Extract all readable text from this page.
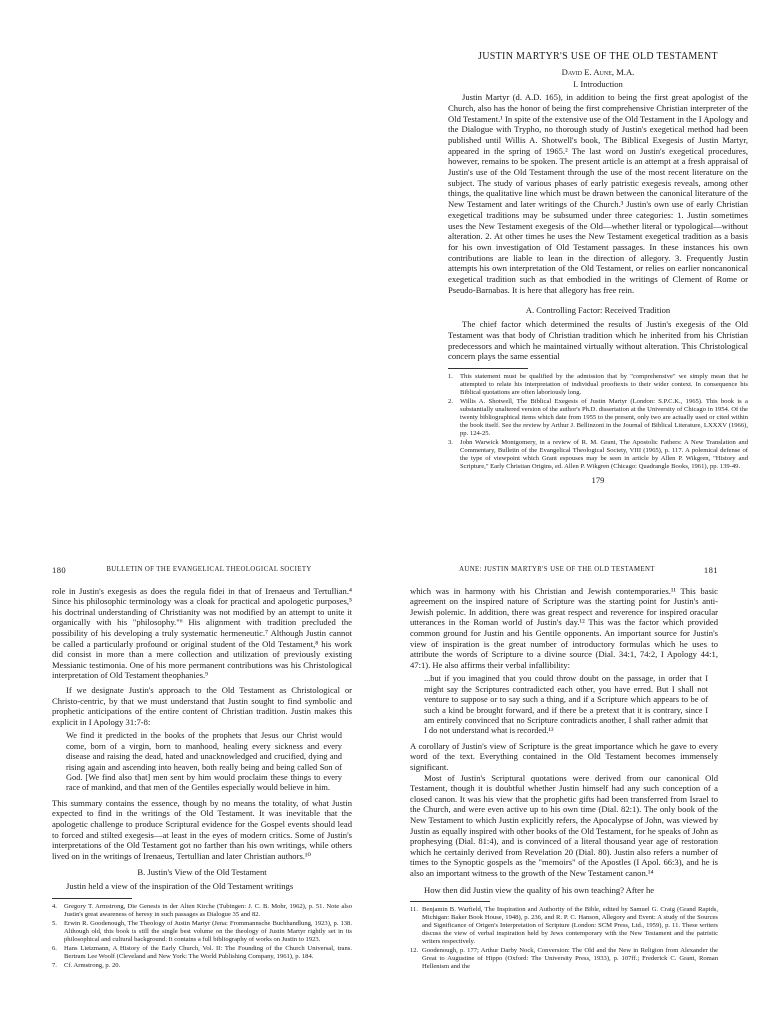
JUSTIN MARTYR'S USE OF THE OLD TESTAMENT
David E. Aune, M.A.
I. Introduction

Justin Martyr (d. A.D. 165), in addition to being the first great apologist of the Church, also has the honor of being the first comprehensive Christian interpreter of the Old Testament.¹ In spite of the extensive use of the Old Testament in the I Apology and the Dialogue with Trypho, no thorough study of Justin's exegetical method had been published until Willis A. Shotwell's book, The Biblical Exegesis of Justin Martyr, appeared in the spring of 1965.² The last word on Justin's exegetical procedures, however, remains to be spoken. The present article is an attempt at a fresh appraisal of Justin's use of the Old Testament through the use of the most recent literature on the subject. The study of various phases of early patristic exegesis reveals, among other things, the qualitative line which must be drawn between the canonical literature of the New Testament and later writings of the Church.³ Justin's own use of early Christian exegetical traditions may be subsumed under three categories: 1. Justin sometimes uses the New Testament exegesis of the Old—whether literal or typological—without alteration. 2. At other times he uses the New Testament exegetical tradition as a basis for his own investigation of Old Testament passages. In these instances his own contributions are liable to lean in the direction of allegory. 3. Frequently Justin attempts his own interpretation of the Old Testament, or relies on earlier noncanonical exegetical tradition such as that embodied in the writings of Clement of Rome or Pseudo-Barnabas. It is here that allegory has free rein.

A. Controlling Factor: Received Tradition

The chief factor which determined the results of Justin's exegesis of the Old Testament was that body of Christian tradition which he inherited from his Christian predecessors and which he maintained virtually without alteration. This Christological concern plays the same essential

1.	This statement must be qualified by the admission that by "comprehensive" we simply mean that he attempted to relate his interpretation of individual prooftexts to their wider context. In consequence his Biblical quotations are often laboriously long.
2.	Willis A. Shotwell, The Biblical Exegesis of Justin Martyr (London: S.P.C.K., 1965). This book is a substantially unaltered version of the author's Ph.D. dissertation at the University of Chicago in 1954. Of the twenty bibliographical items which date from 1955 to the present, only two are actually used or cited within the book itself. See the review by Arthur J. Bellinzoni in the Journal of Biblical Literature, LXXXV (1966), pp. 124-25.
3.	John Warwick Montgomery, in a review of R. M. Grant, The Apostolic Fathers: A New Translation and Commentary, Bulletin of the Evangelical Theological Society, VIII (1965), p. 117. A polemical defense of the type of viewpoint which Grant espouses may be seen in article by Allen P. Wikgren, "History and Scripture," Early Christian Origins, ed. Allen P. Wikgren (Chicago: Quadrangle Books, 1961), pp. 139-49.
179
180	BULLETIN OF THE EVANGELICAL THEOLOGICAL SOCIETY

role in Justin's exegesis as does the regula fidei in that of Irenaeus and Tertullian.⁴ Since his philosophic terminology was a cloak for practical and apologetic purposes,⁵ his doctrinal understanding of Christianity was not modified by an attempt to unite it organically with his "philosophy."⁶ His alignment with tradition precluded the possibility of his developing a truly systematic hermeneutic.⁷ Although Justin cannot be called a particularly profound or original student of the Old Testament,⁸ his work did consist in more than a mere collection and utilization of previously existing Messianic testimonia. One of his more permanent contributions was his Christological interpretation of Old Testament theophanies.⁹

If we designate Justin's approach to the Old Testament as Christological or Christo-centric, by that we must understand that Justin sought to find symbolic and prophetic anticipations of the entire content of Christian tradition. Justin makes this explicit in I Apology 31:7-8:

We find it predicted in the books of the prophets that Jesus our Christ would come, born of a virgin, born to manhood, healing every sickness and every disease and raising the dead, hated and unacknowledged and crucified, dying and rising again and ascending into heaven, both really being and being called Son of God. [We find also that] men sent by him would proclaim these things to every race of mankind, and that men of the Gentiles especially would believe in him.

This summary contains the essence, though by no means the totality, of what Justin expected to find in the writings of the Old Testament. It was inevitable that the apologetic challenge to produce Scriptural evidence for the Gospel events should lead to forced and stilted exegesis—at least in the eyes of modern critics. Some of Justin's interpretations of the Old Testament got no farther than his own writings, while others lived on in the writings of Irenaeus, Tertullian and later Christian authors.¹⁰

B. Justin's View of the Old Testament

Justin held a view of the inspiration of the Old Testament writings

4.	Gregory T. Armstrong, Die Genesis in der Alten Kirche (Tubingen: J. C. B. Mohr, 1962), p. 51. Note also Justin's great awareness of heresy in such passages as Dialogue 35 and 82.
5.	Erwin R. Goodenough, The Theology of Justin Martyr (Jena: Frommannsche Buchhandlung, 1923), p. 138. Although old, this book is still the single best volume on the theology of Justin Martyr rightly set in its philosophical and cultural background. It contains a full bibliography of works on Justin to 1923.
6.	Hans Lietzmann, A History of the Early Church, Vol. II: The Founding of the Church Universal, trans. Bertram Lee Woolf (Cleveland and New York: The World Publishing Company, 1961), p. 184.
7.	Cf. Armstrong, p. 20.
AUNE: JUSTIN MARTYR'S USE OF THE OLD TESTAMENT	181

which was in harmony with his Christian and Jewish contemporaries.¹¹ This basic agreement on the inspired nature of Scripture was the starting point for Justin's anti-Jewish polemic. In addition, there was great respect and reverence for inspired oracular utterances in the Roman world of Justin's day.¹² This was the factor which provided common ground for Justin and his Gentile opponents. An important source for Justin's view of inspiration is the great number of introductory formulas which he uses to attribute the words of Scripture to a divine source (Dial. 34:1, 74:2, I Apology 44:1, 47:1). He also affirms their verbal infallibility:

...but if you imagined that you could throw doubt on the passage, in order that I might say the Scriptures contradicted each other, you have erred. But I shall not venture to suppose or to say such a thing, and if a Scripture which appears to be of such a kind be brought forward, and if there be a pretext that it is contrary, since I am entirely convinced that no Scripture contradicts another, I shall rather admit that I do not understand what is recorded.¹³

A corollary of Justin's view of Scripture is the great importance which he gave to every word of the text. Everything contained in the Old Testament becomes immensely significant.

Most of Justin's Scriptural quotations were derived from our canonical Old Testament, though it is doubtful whether Justin himself had any such conception of a closed canon. It was his view that the prophetic gifts had been transferred from Israel to the Church, and were even active up to his own time (Dial. 82:1). The only book of the New Testament to which Justin explicitly refers, the Apocalypse of John, was viewed by Justin as equally inspired with other books of the Old Testament, for he speaks of John as prophesying (Dial. 81:4), and is convinced of a literal thousand year age of restoration which he certainly derived from Revelation 20 (Dial. 80). Justin also refers a number of times to the Synoptic gospels as the "memoirs" of the Apostles (I Apol. 66:3), and he is also an important witness to the growth of the New Testament canon.¹⁴

How then did Justin view the quality of his own teaching? After he

11. Benjamin B. Warfield, The Inspiration and Authority of the Bible, edited by Samuel G. Craig (Grand Rapids, Michigan: Baker Book House, 1948), p. 236, and R. P. C. Hanson, Allegory and Event: A study of the Sources and Significance of Origen's Interpretation of Scripture (London: SCM Press, Ltd., 1959), p. 11. These writers discuss the view of verbal inspiration held by Jews contemporary with the New Testament and the patristic writers respectively.
12. Goodenough, p. 177; Arthur Darby Nock, Conversion: The Old and the New in Religion from Alexander the Great to Augustine of Hippo (Oxford: The University Press, 1933), p. 107ff.; Frederick C. Grant, Roman Hellenism and the
